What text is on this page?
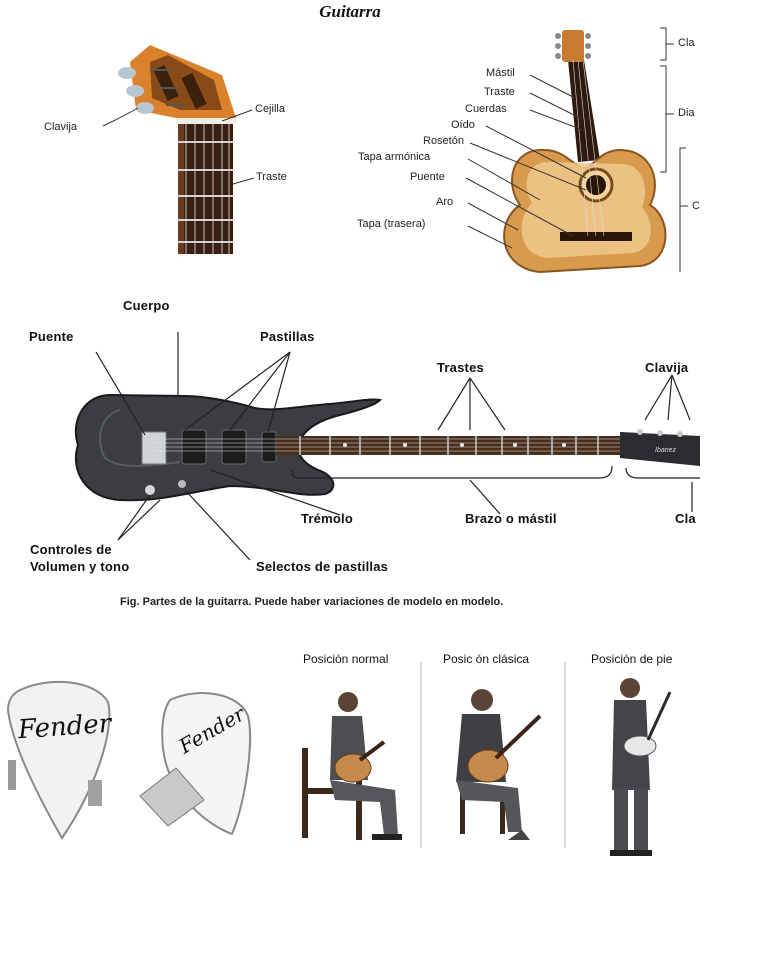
Guitarra
Clavija
Cejilla
Traste
Mástil
Traste
Cuerdas
Oído
Rosetón
Tapa armónica
Puente
Aro
Tapa (trasera)
Cla
Dia
C
Cuerpo
Puente	Pastillas
Trastes	Clavija
Trémolo	Brazo o mástil	Cla
Controles de
Volumen y tono	Selectos de pastillas
Ibanez
Fig. Partes de la guitarra. Puede haber variaciones de modelo en modelo.
Fender	Fender
Posición normal	Posic ón clásica	Posición de pie
